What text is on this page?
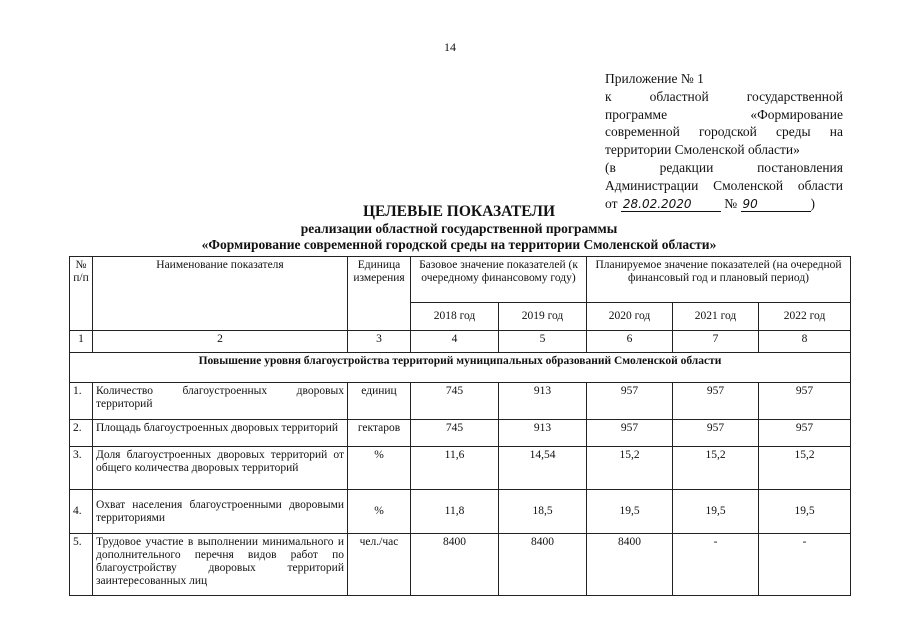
14
Приложение № 1
к областной государственной
программе «Формирование
современной городской среды на
территории Смоленской области»
(в редакции постановления
Администрации Смоленской области
от 28.02.2020 № 90	)
ЦЕЛЕВЫЕ ПОКАЗАТЕЛИ
реализации областной государственной программы
«Формирование современной городской среды на территории Смоленской области»
№ п/п	Наименование показателя	Единица измерения	Базовое значение показателей (к очередному финансовому году)		Планируемое значение показателей (на очередной финансовый год и плановый период)		
			2018 год	2019 год	2020 год	2021 год	2022 год
1	2	3	4	5	6	7	8
Повышение уровня благоустройства территорий муниципальных образований Смоленской области							
1.	Количество благоустроенных дворовых территорий	единиц	745	913	957	957	957
2.	Площадь благоустроенных дворовых территорий	гектаров	745	913	957	957	957
3.	Доля благоустроенных дворовых территорий от общего количества дворовых территорий	%	11,6	14,54	15,2	15,2	15,2
4.	Охват населения благоустроенными дворовыми территориями	%	11,8	18,5	19,5	19,5	19,5
5.	Трудовое участие в выполнении минимального и дополнительного перечня видов работ по благоустройству дворовых территорий заинтересованных лиц	чел./час	8400	8400	8400	-	-
